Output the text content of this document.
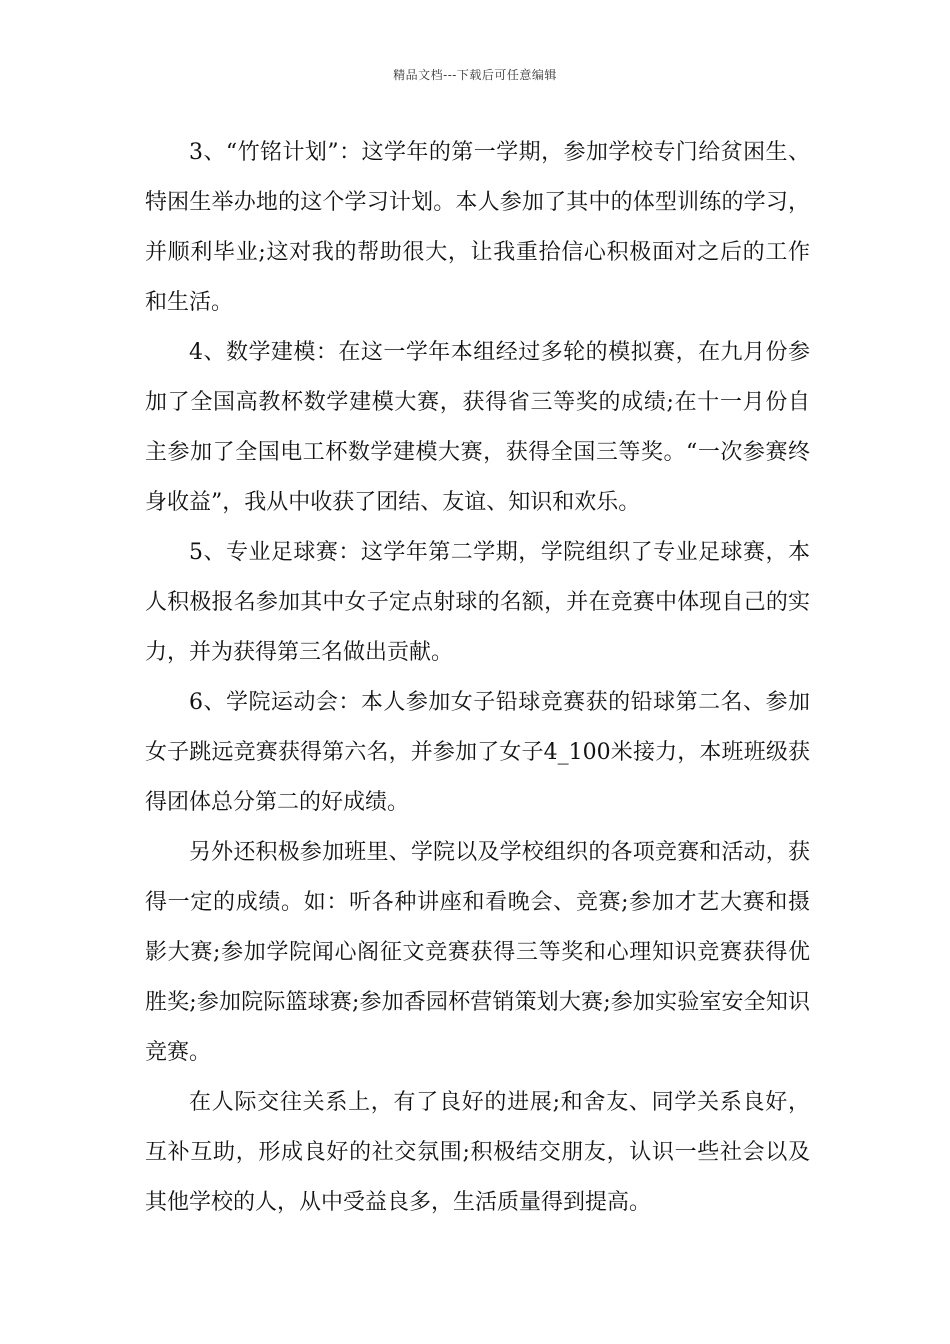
精品文档---下载后可任意编辑

3、“竹铭计划”：这学年的第一学期，参加学校专门给贫困生、特困生举办地的这个学习计划。本人参加了其中的体型训练的学习，并顺利毕业;这对我的帮助很大，让我重拾信心积极面对之后的工作和生活。

4、数学建模：在这一学年本组经过多轮的模拟赛，在九月份参加了全国高教杯数学建模大赛，获得省三等奖的成绩;在十一月份自主参加了全国电工杯数学建模大赛，获得全国三等奖。“一次参赛终身收益”，我从中收获了团结、友谊、知识和欢乐。

5、专业足球赛：这学年第二学期，学院组织了专业足球赛，本人积极报名参加其中女子定点射球的名额，并在竞赛中体现自己的实力，并为获得第三名做出贡献。

6、学院运动会：本人参加女子铅球竞赛获的铅球第二名、参加女子跳远竞赛获得第六名，并参加了女子4_100米接力，本班班级获得团体总分第二的好成绩。

另外还积极参加班里、学院以及学校组织的各项竞赛和活动，获得一定的成绩。如：听各种讲座和看晚会、竞赛;参加才艺大赛和摄影大赛;参加学院闻心阁征文竞赛获得三等奖和心理知识竞赛获得优胜奖;参加院际篮球赛;参加香园杯营销策划大赛;参加实验室安全知识竞赛。

在人际交往关系上，有了良好的进展;和舍友、同学关系良好，互补互助，形成良好的社交氛围;积极结交朋友，认识一些社会以及其他学校的人，从中受益良多，生活质量得到提高。
